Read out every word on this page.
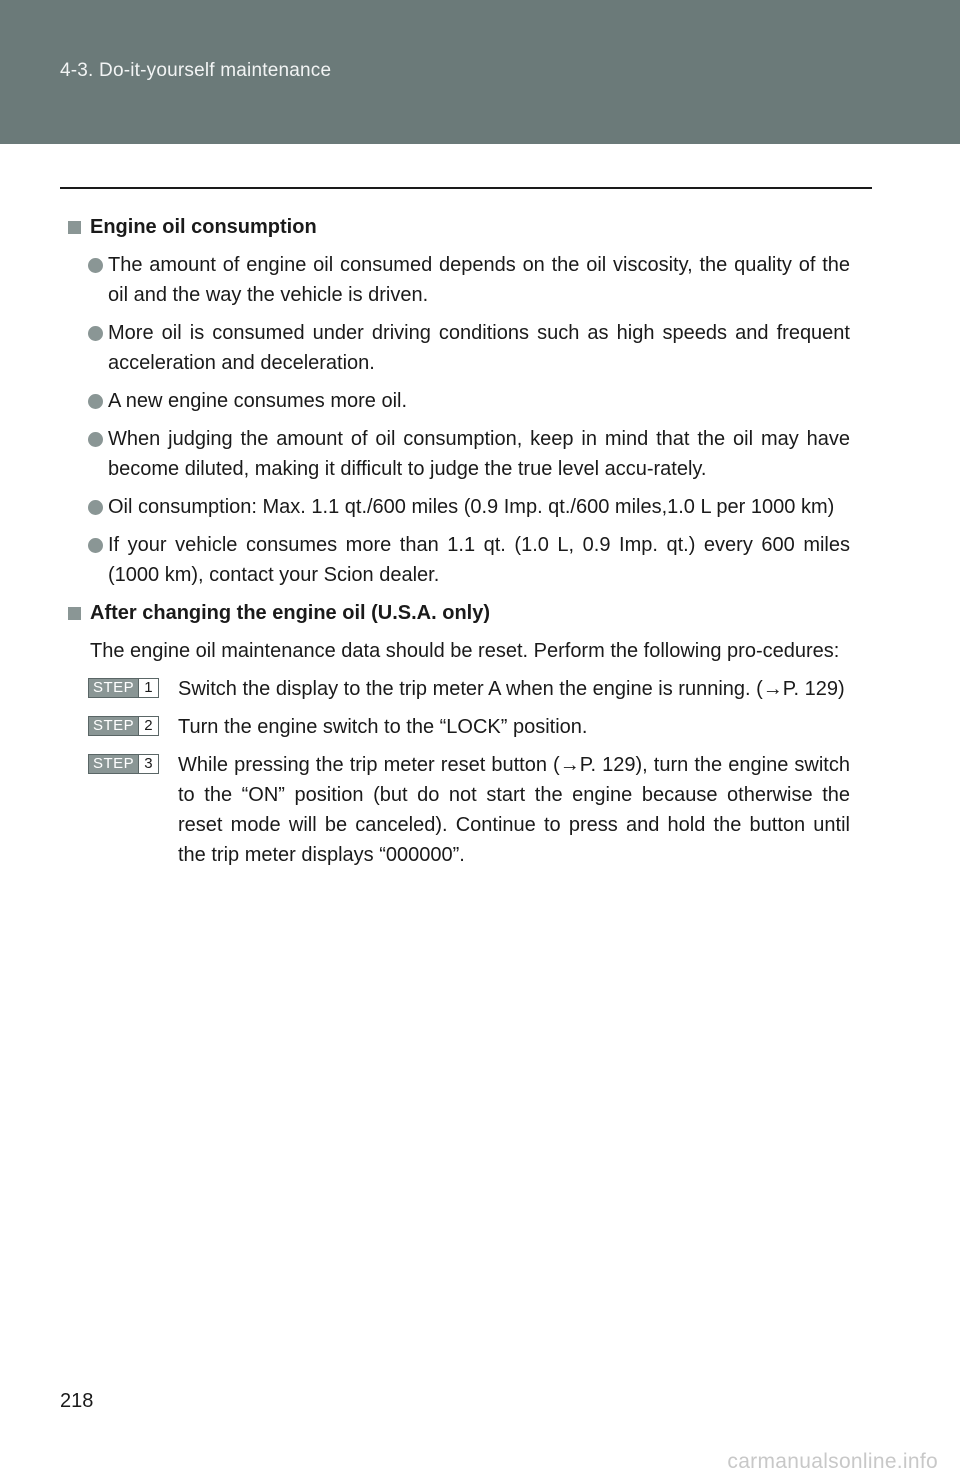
4-3. Do-it-yourself maintenance
Engine oil consumption
The amount of engine oil consumed depends on the oil viscosity, the quality of the oil and the way the vehicle is driven.
More oil is consumed under driving conditions such as high speeds and frequent acceleration and deceleration.
A new engine consumes more oil.
When judging the amount of oil consumption, keep in mind that the oil may have become diluted, making it difficult to judge the true level accu-rately.
Oil consumption: Max. 1.1 qt./600 miles (0.9 Imp. qt./600 miles,1.0 L per 1000 km)
If your vehicle consumes more than 1.1 qt. (1.0 L, 0.9 Imp. qt.) every 600 miles (1000 km), contact your Scion dealer.
After changing the engine oil (U.S.A. only)
The engine oil maintenance data should be reset. Perform the following pro-cedures:
STEP 1 Switch the display to the trip meter A when the engine is running. (→P. 129)
STEP 2 Turn the engine switch to the “LOCK” position.
STEP 3 While pressing the trip meter reset button (→P. 129), turn the engine switch to the “ON” position (but do not start the engine because otherwise the reset mode will be canceled). Continue to press and hold the button until the trip meter displays “000000”.
218
carmanualsonline.info
